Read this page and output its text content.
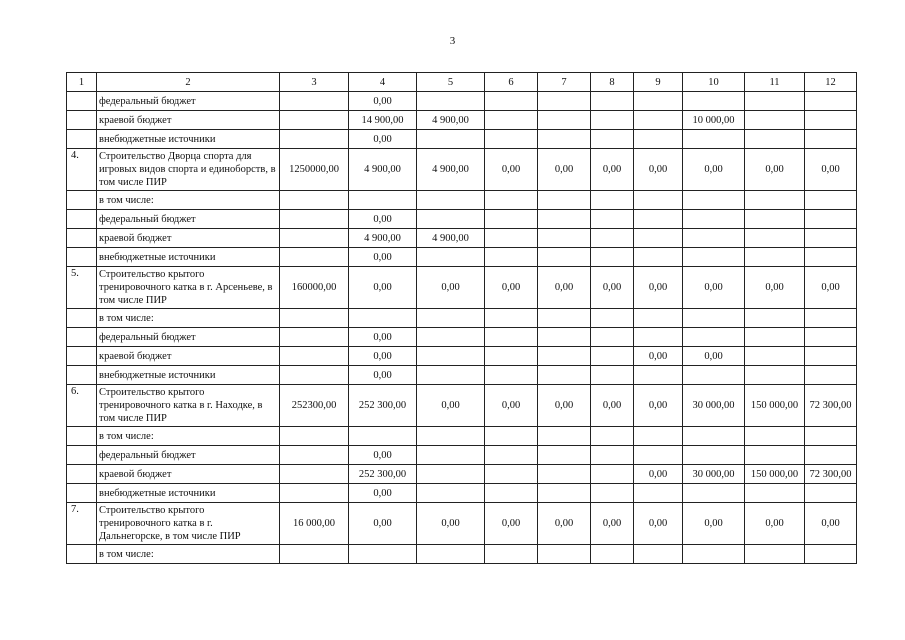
3
1	2	3	4	5	6	7	8	9	10	11	12
	федеральный бюджет		0,00								
	краевой бюджет		14 900,00	4 900,00					10 000,00		
	внебюджетные источники		0,00								
4.	Строительство Дворца спорта для игровых видов спорта и единоборств, в том числе ПИР	1250000,00	4 900,00	4 900,00	0,00	0,00	0,00	0,00	0,00	0,00	0,00
	в том числе:										
	федеральный бюджет		0,00								
	краевой бюджет		4 900,00	4 900,00							
	внебюджетные источники		0,00								
5.	Строительство крытого тренировочного катка в г. Арсеньеве, в том числе ПИР	160000,00	0,00	0,00	0,00	0,00	0,00	0,00	0,00	0,00	0,00
	в том числе:										
	федеральный бюджет		0,00								
	краевой бюджет		0,00					0,00	0,00		
	внебюджетные источники		0,00								
6.	Строительство крытого тренировочного катка в г. Находке, в том числе ПИР	252300,00	252 300,00	0,00	0,00	0,00	0,00	0,00	30 000,00	150 000,00	72 300,00
	в том числе:										
	федеральный бюджет		0,00								
	краевой бюджет		252 300,00					0,00	30 000,00	150 000,00	72 300,00
	внебюджетные источники		0,00								
7.	Строительство крытого тренировочного катка в г. Дальнегорске, в том числе ПИР	16 000,00	0,00	0,00	0,00	0,00	0,00	0,00	0,00	0,00	0,00
	в том числе:										
